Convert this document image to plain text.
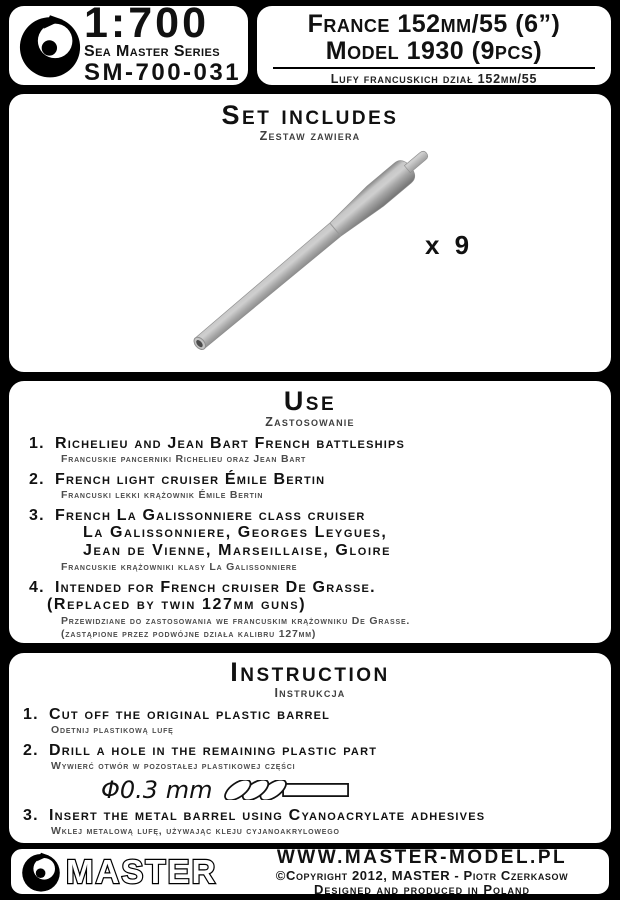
1:700
Sea Master Series
SM-700-031
France 152mm/55 (6”)
Model 1930 (9pcs)
Lufy francuskich dział 152mm/55
Set includes
Zestaw zawiera
x 9
Use
Zastosowanie
1. Richelieu and Jean Bart French battleships
Francuskie pancerniki Richelieu oraz Jean Bart
2. French light cruiser Émile Bertin
Francuski lekki krążownik Émile Bertin
3. French La Galissonniere class cruiser
La Galissonniere, Georges Leygues,
Jean de Vienne, Marseillaise, Gloire
Francuskie krążowniki klasy La Galissonniere
4. Intended for French cruiser De Grasse.
(Replaced by twin 127mm guns)
Przewidziane do zastosowania we francuskim krążowniku De Grasse.
(zastąpione przez podwójne działa kalibru 127mm)
Instruction
Instrukcja
1. Cut off the original plastic barrel
Odetnij plastikową lufę
2. Drill a hole in the remaining plastic part
Wywierć otwór w pozostałej plastikowej części
Φ0.3 mm
3. Insert the metal barrel using Cyanoacrylate adhesives
Wklej metalową lufę, używając kleju cyjanoakrylowego
MASTER	WWW.MASTER-MODEL.PL
©Copyright 2012, MASTER - Piotr Czerkasow
Designed and produced in Poland
